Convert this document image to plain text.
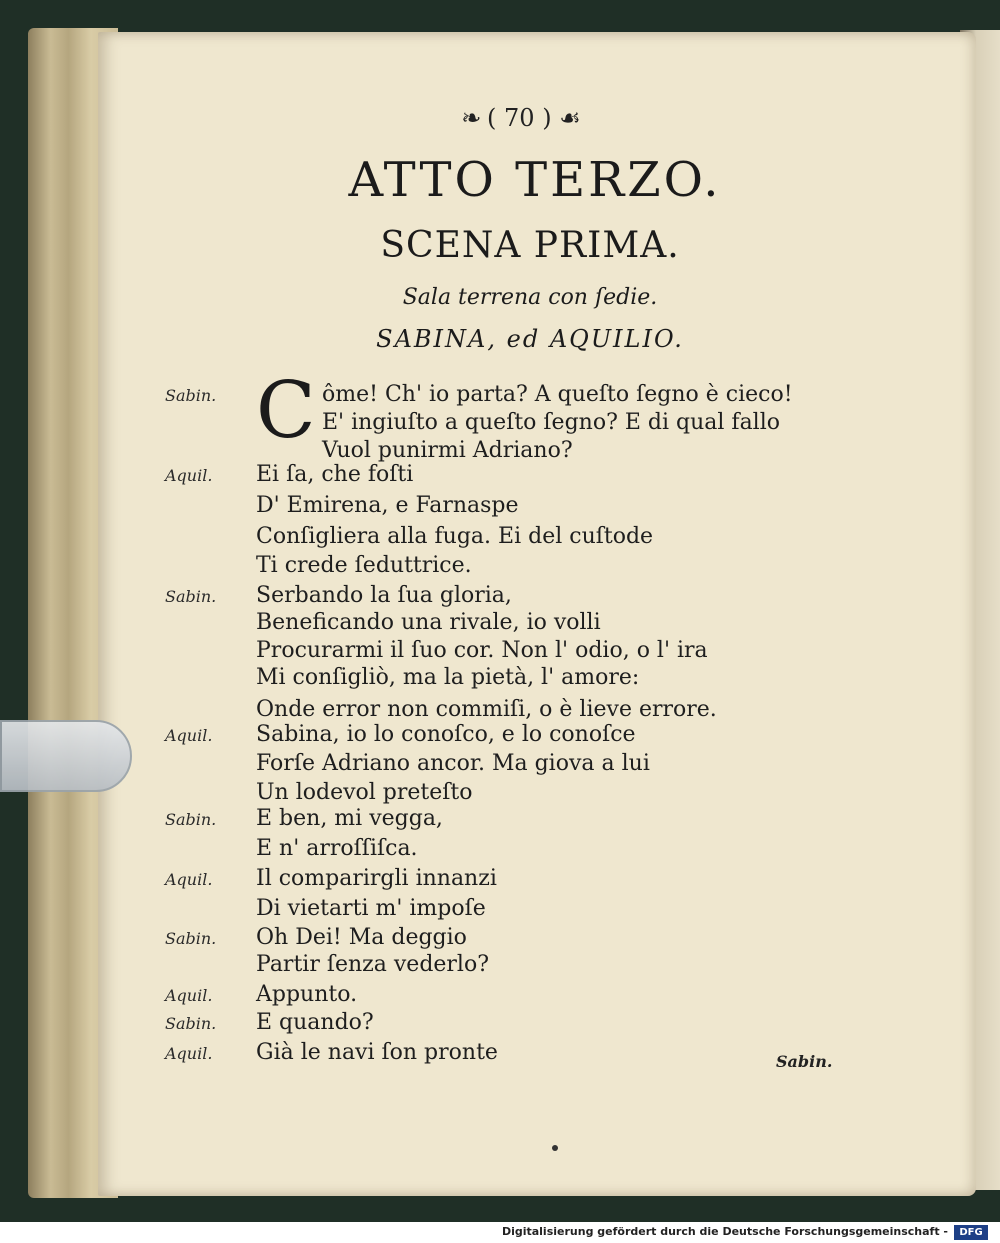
❧ ( 70 ) ☙
ATTO TERZO.
SCENA PRIMA.
Sala terrena con ſedie.
SABINA, ed AQUILIO.
C
Sabin.	ôme! Ch' io parta? A queſto ſegno è cieco!
E' ingiuſto a queſto ſegno? E di qual fallo
Vuol punirmi Adriano?
Aquil.	Ei ſa, che foſti
D' Emirena, e Farnaspe
Conſigliera alla fuga. Ei del cuſtode
Ti crede ſeduttrice.
Sabin.	Serbando la ſua gloria,
Beneficando una rivale, io volli
Procurarmi il ſuo cor. Non l' odio, o l' ira
Mi conſigliò, ma la pietà, l' amore:
Onde error non commiſi, o è lieve errore.
Aquil.	Sabina, io lo conoſco, e lo conoſce
Forſe Adriano ancor. Ma giova a lui
Un lodevol preteſto
Sabin.	E ben, mi vegga,
E n' arroſſiſca.
Aquil.	Il comparirgli innanzi
Di vietarti m' impoſe
Sabin.	Oh Dei! Ma deggio
Partir ſenza vederlo?
Aquil.	Appunto.
Sabin.	E quando?
Aquil.	Già le navi ſon pronte	Sabin.
Digitalisierung gefördert durch die Deutsche Forschungsgemeinschaft -	DFG
